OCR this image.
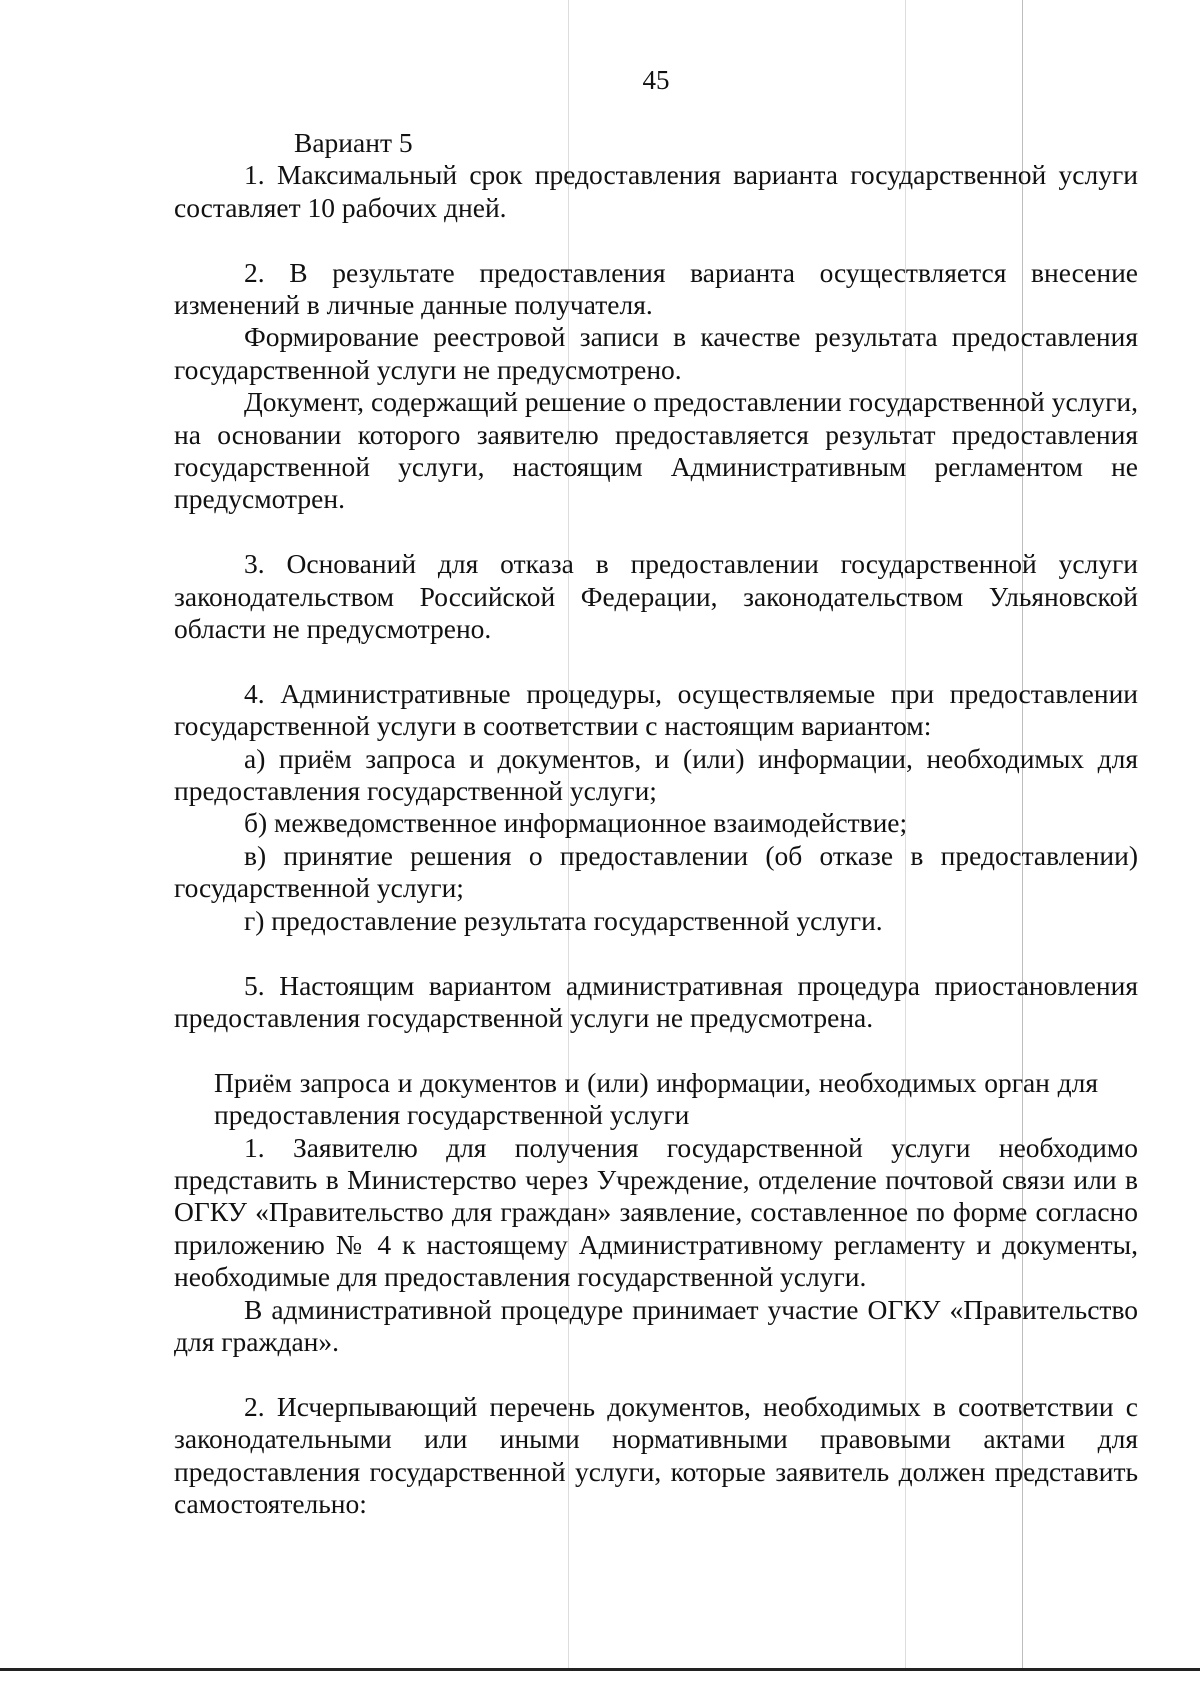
45

Вариант 5

1. Максимальный срок предоставления варианта государственной услуги составляет 10 рабочих дней.

2. В результате предоставления варианта осуществляется внесение изменений в личные данные получателя.

Формирование реестровой записи в качестве результата предоставления государственной услуги не предусмотрено.

Документ, содержащий решение о предоставлении государственной услуги, на основании которого заявителю предоставляется результат предоставления государственной услуги, настоящим Административным регламентом не предусмотрен.

3. Оснований для отказа в предоставлении государственной услуги законодательством Российской Федерации, законодательством Ульяновской области не предусмотрено.

4. Административные процедуры, осуществляемые при предоставлении государственной услуги в соответствии с настоящим вариантом:

а) приём запроса и документов, и (или) информации, необходимых для предоставления государственной услуги;

б) межведомственное информационное взаимодействие;

в) принятие решения о предоставлении (об отказе в предоставлении) государственной услуги;

г) предоставление результата государственной услуги.

5. Настоящим вариантом административная процедура приостановления предоставления государственной услуги не предусмотрена.

Приём запроса и документов и (или) информации, необходимых орган для предоставления государственной услуги

1. Заявителю для получения государственной услуги необходимо представить в Министерство через Учреждение, отделение почтовой связи или в ОГКУ «Правительство для граждан» заявление, составленное по форме согласно приложению № 4 к настоящему Административному регламенту и документы, необходимые для предоставления государственной услуги.

В административной процедуре принимает участие ОГКУ «Правительство для граждан».

2. Исчерпывающий перечень документов, необходимых в соответствии с законодательными или иными нормативными правовыми актами для предоставления государственной услуги, которые заявитель должен представить самостоятельно:
